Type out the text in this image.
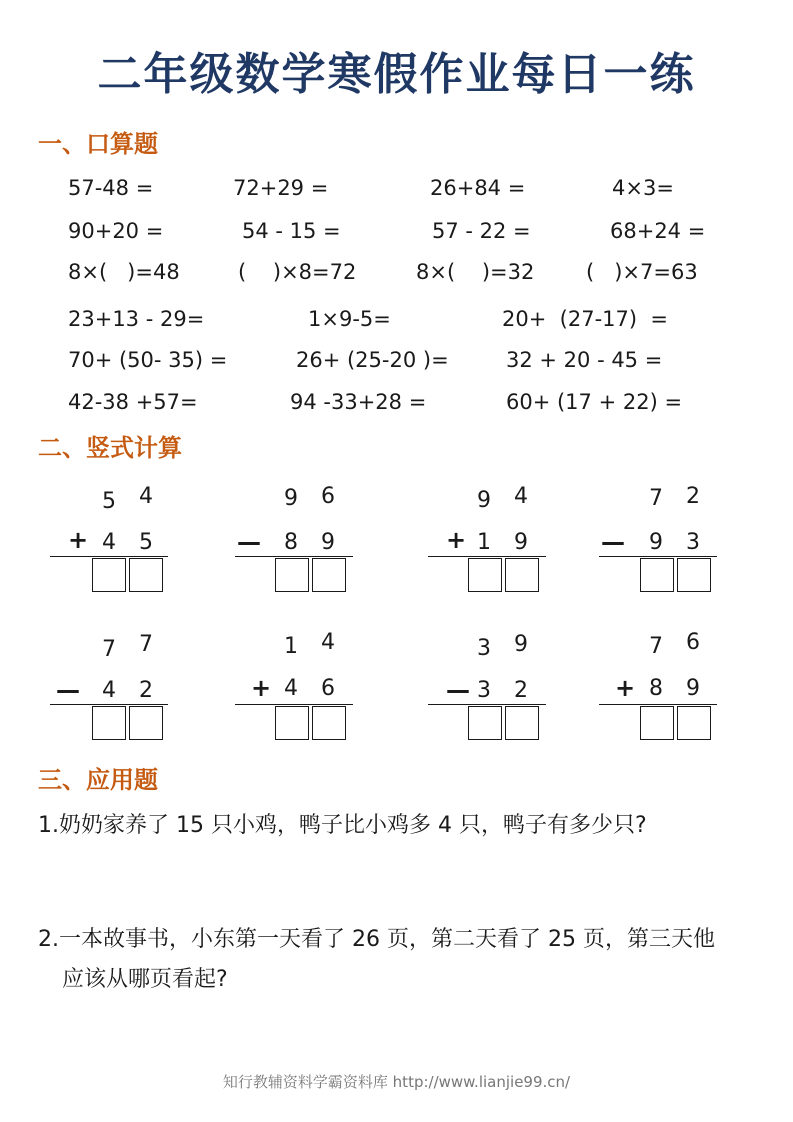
二年级数学寒假作业每日一练
一、口算题
57-48 =	72+29 =	26+84 =	4×3=
90+20 =	54 - 15 =	57 - 22 =	68+24 =
8×(   )=48	(    )×8=72	8×(    )=32 (   )×7=63
23+13 - 29=	1×9-5=	20+  (27-17)  =
70+ (50- 35) =	26+ (25-20 )=	32 + 20 - 45 =
42-38 +57=	94 -33+28 =	60+ (17 + 22) =
二、竖式计算
5 4
+ 4 5
9 6
— 8 9
9 4
+ 1 9
7 2
— 9 3
7 7
— 4 2
1 4
+ 4 6
3 9
— 3 2
7 6
+ 8 9
三、应用题
1.奶奶家养了 15 只小鸡，鸭子比小鸡多 4 只，鸭子有多少只?
2.一本故事书，小东第一天看了 26 页，第二天看了 25 页，第三天他
应该从哪页看起?
知行教辅资料学霸资料库 http://www.lianjie99.cn/
